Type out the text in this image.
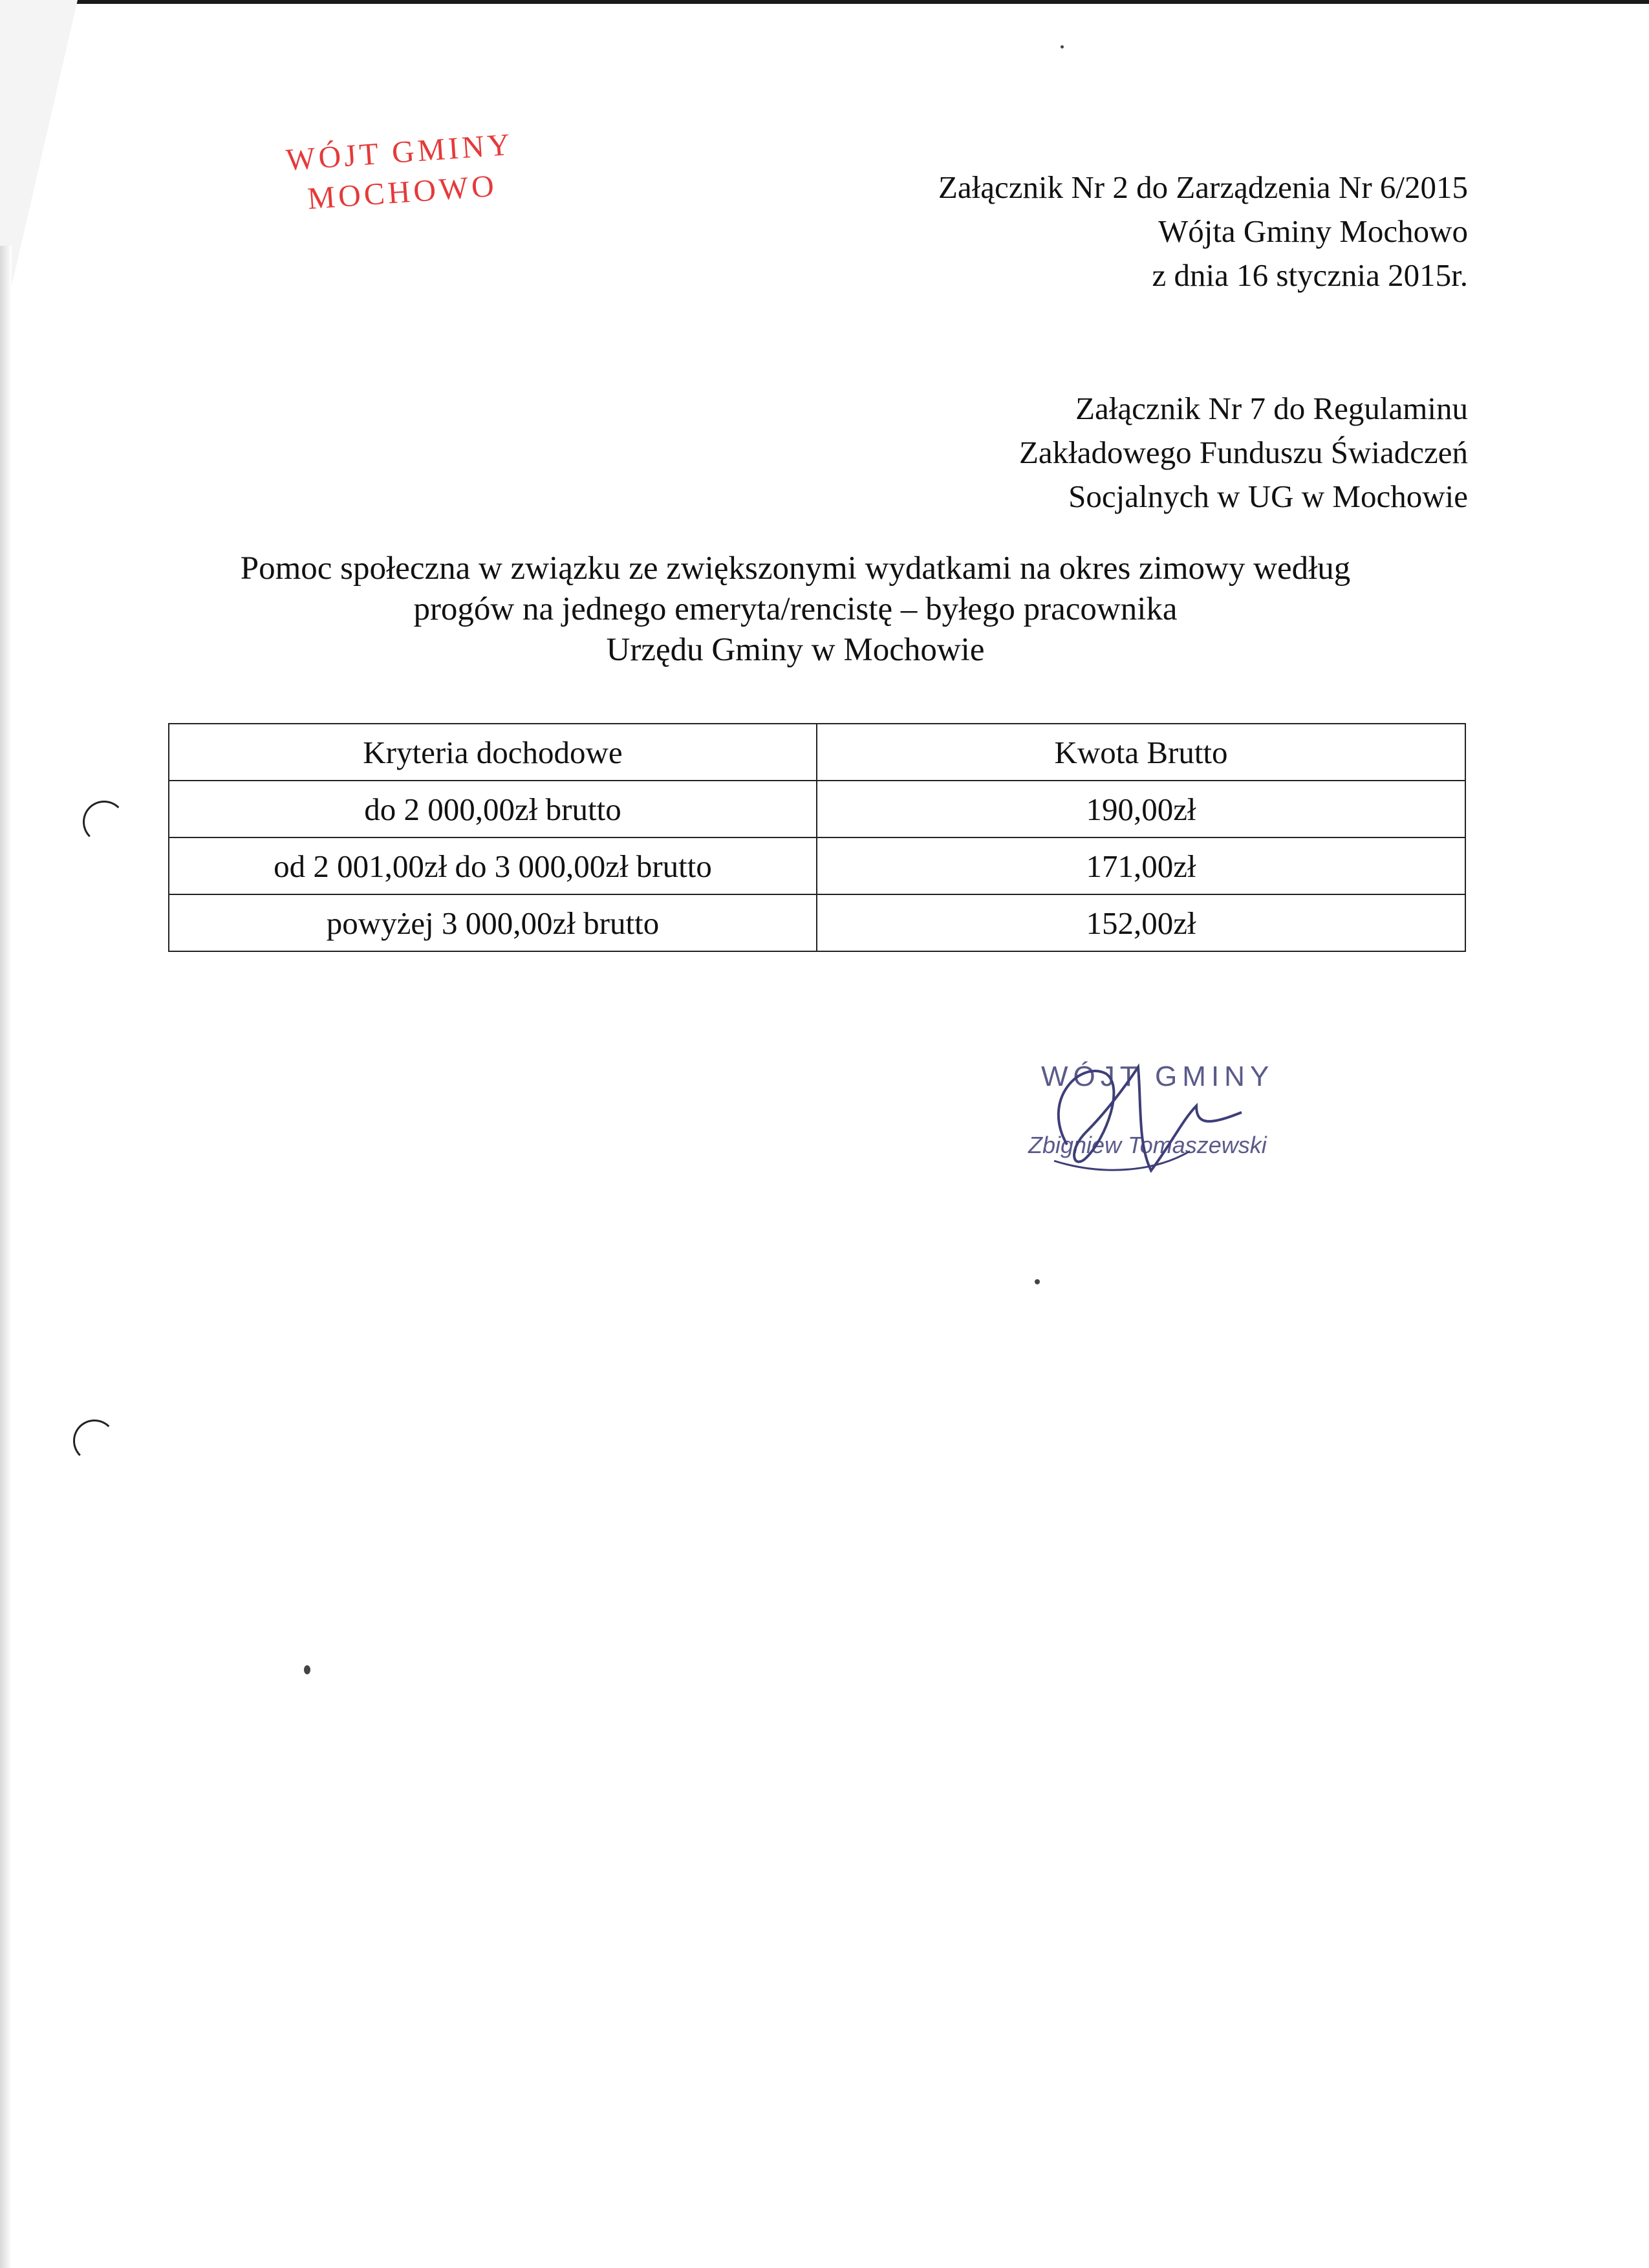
WÓJT GMINY
MOCHOWO	Załącznik Nr 2 do Zarządzenia Nr 6/2015
Wójta Gminy Mochowo
z dnia 16 stycznia 2015r.
Załącznik Nr 7 do Regulaminu
Zakładowego Funduszu Świadczeń
Socjalnych w UG w Mochowie
Pomoc społeczna w związku ze zwiększonymi wydatkami na okres zimowy według
progów na jednego emeryta/rencistę – byłego pracownika
Urzędu Gminy w Mochowie
Kryteria dochodowe	Kwota Brutto
do 2 000,00zł brutto	190,00zł
od 2 001,00zł do 3 000,00zł brutto	171,00zł
powyżej 3 000,00zł brutto	152,00zł
WÓJT GMINY
Zbigniew Tomaszewski
